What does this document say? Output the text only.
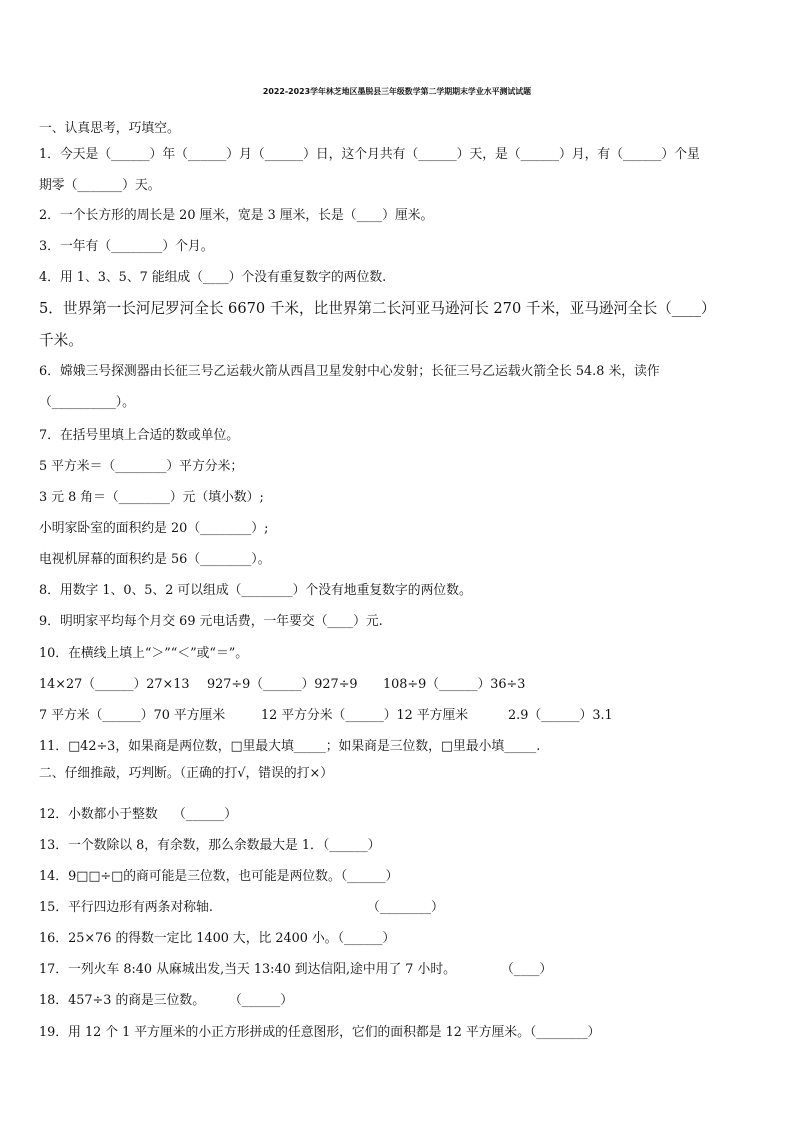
2022-2023学年林芝地区墨脱县三年级数学第二学期期末学业水平测试试题
一、认真思考，巧填空。
1．今天是（______）年（______）月（______）日，这个月共有（______）天，是（______）月，有（______）个星
期零（_______）天。
2．一个长方形的周长是 20 厘米，宽是 3 厘米，长是（____）厘米。
3．一年有（________）个月。
4．用 1、3、5、7 能组成（____）个没有重复数字的两位数.
5．世界第一长河尼罗河全长 6670 千米，比世界第二长河亚马逊河长 270 千米，亚马逊河全长（____）
千米。
6．嫦娥三号探测器由长征三号乙运载火箭从西昌卫星发射中心发射；长征三号乙运载火箭全长 54.8 米，读作
（__________）。
7．在括号里填上合适的数或单位。
5 平方米＝（________）平方分米；
3 元 8 角＝（________）元（填小数）;
小明家卧室的面积约是 20（________）;
电视机屏幕的面积约是 56（________）。
8．用数字 1、0、5、2 可以组成（________）个没有地重复数字的两位数。
9．明明家平均每个月交 69 元电话费，一年要交（____）元.
10．在横线上填上“＞”“＜”或“＝”。
14×27（______）27×13 927÷9（______）927÷9 108÷9（______）36÷3
7 平方米（______）70 平方厘米	12 平方分米（______）12 平方厘米	2.9（______）3.1
11．□42÷3，如果商是两位数，□里最大填_____；如果商是三位数，□里最小填_____.
二、仔细推敲，巧判断。（正确的打√，错误的打×）
12．小数都小于整数 （______）
13．一个数除以 8，有余数，那么余数最大是 1．（______）
14．9□□÷□的商可能是三位数，也可能是两位数。（______）
15．平行四边形有两条对称轴.	（________）
16．25×76 的得数一定比 1400 大，比 2400 小。（______）
17．一列火车 8:40 从麻城出发,当天 13:40 到达信阳,途中用了 7 小时。	（____）
18．457÷3 的商是三位数。 （______）
19．用 12 个 1 平方厘米的小正方形拼成的任意图形，它们的面积都是 12 平方厘米。（________）
